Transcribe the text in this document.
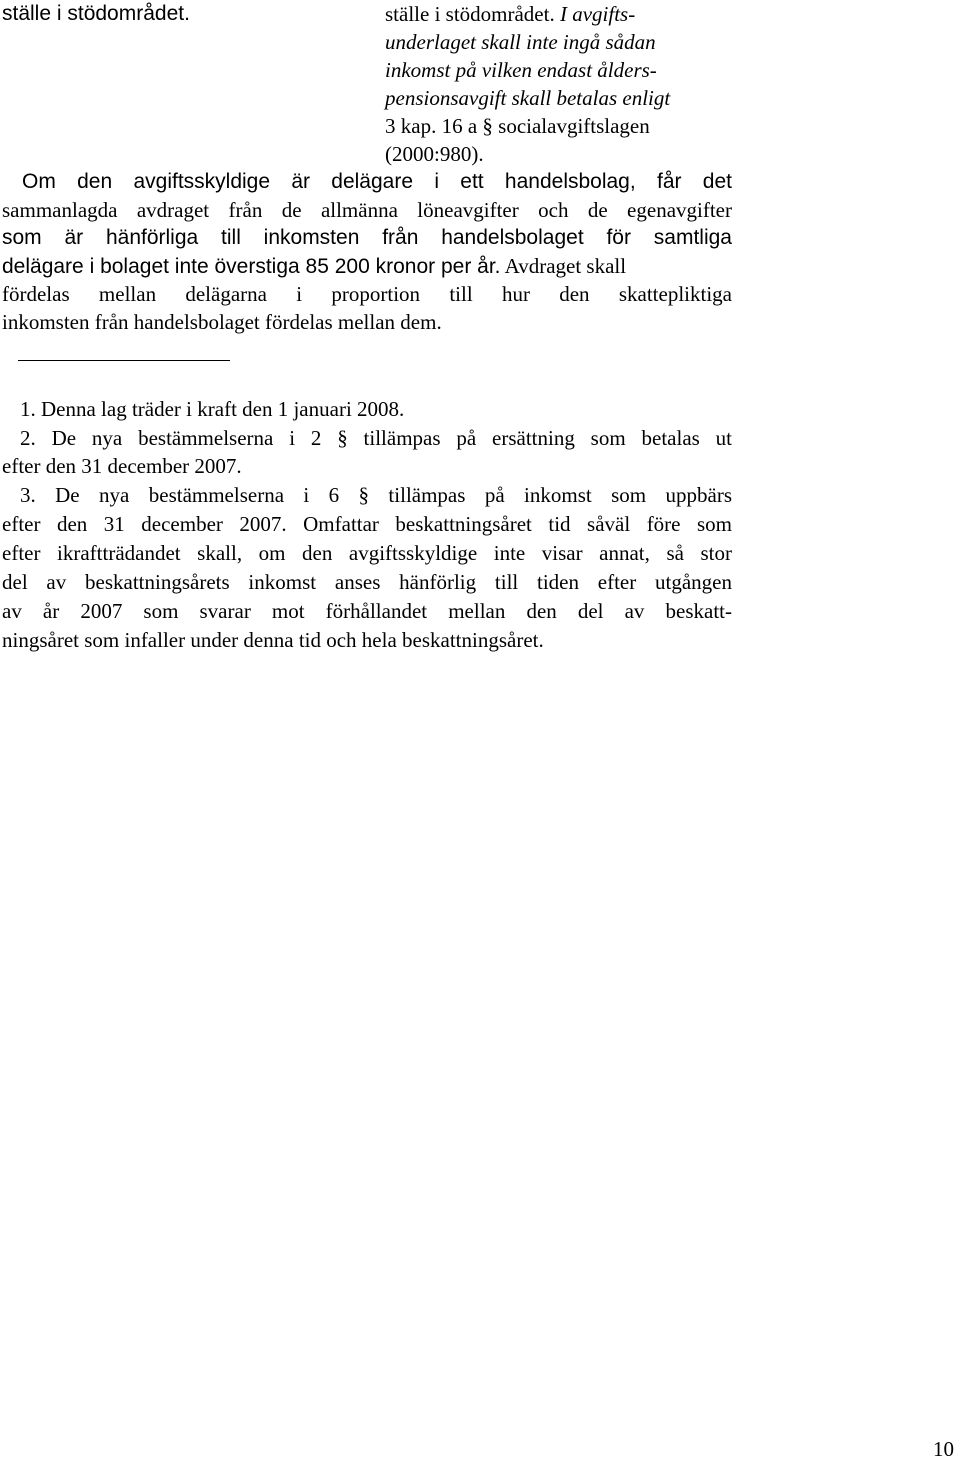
ställe i stödområdet.	ställe i stödområdet. I avgifts-
underlaget skall inte ingå sådan
inkomst på vilken endast ålders-
pensionsavgift skall betalas enligt
3 kap. 16 a § socialavgiftslagen
(2000:980).
Om den avgiftsskyldige är delägare i ett handelsbolag, får det
sammanlagda avdraget från de allmänna löneavgifter och de egenavgifter
som är hänförliga till inkomsten från handelsbolaget för samtliga
delägare i bolaget inte överstiga 85 200 kronor per år. Avdraget skall
fördelas mellan delägarna i proportion till hur den skattepliktiga
inkomsten från handelsbolaget fördelas mellan dem.
1. Denna lag träder i kraft den 1 januari 2008.
2. De nya bestämmelserna i 2 § tillämpas på ersättning som betalas ut
efter den 31 december 2007.
3. De nya bestämmelserna i 6 § tillämpas på inkomst som uppbärs
efter den 31 december 2007. Omfattar beskattningsåret tid såväl före som
efter ikraftträdandet skall, om den avgiftsskyldige inte visar annat, så stor
del av beskattningsårets inkomst anses hänförlig till tiden efter utgången
av år 2007 som svarar mot förhållandet mellan den del av beskatt-
ningsåret som infaller under denna tid och hela beskattningsåret.
10
